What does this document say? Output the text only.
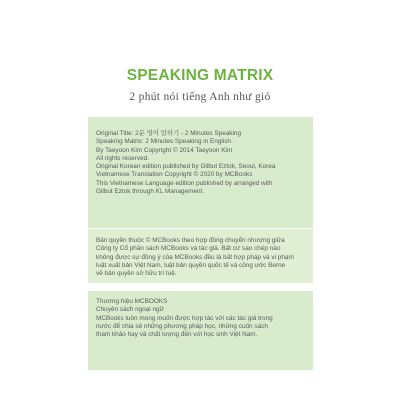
SPEAKING MATRIX
2 phút nói tiếng Anh như gió

Original Title: 2분 영어 말하기 - 2 Minutes Speaking

Speaking Matrix: 2 Minutes Speaking in English

By Taeyoon Kim Copyright © 2014 Taeyoon Kim

All rights reserved.

Original Korean edition published by Gilbut Eztok, Seoul, Korea

Vietnamese Translation Copyright © 2020 by MCBooks

This Vietnamese Language edition published by arranged with

Gilbut Eztok through KL Management.

Bản quyền thuộc © MCBooks theo hợp đồng chuyển nhượng giữa

Công ty Cổ phần sách MCBooks và tác giả. Bất cứ sao chép nào

không được sự đồng ý của MCBooks đều là bất hợp pháp và vi phạm

luật xuất bản Việt Nam, luật bản quyền quốc tế và công ước Berne

về bản quyền sở hữu trí tuệ.

Thương hiệu MCBOOKS

Chuyên sách ngoại ngữ

MCBooks luôn mong muốn được hợp tác với các tác giả trong

nước để chia sẻ những phương pháp học, những cuốn sách

tham khảo hay và chất lượng đến với học sinh Việt Nam.
